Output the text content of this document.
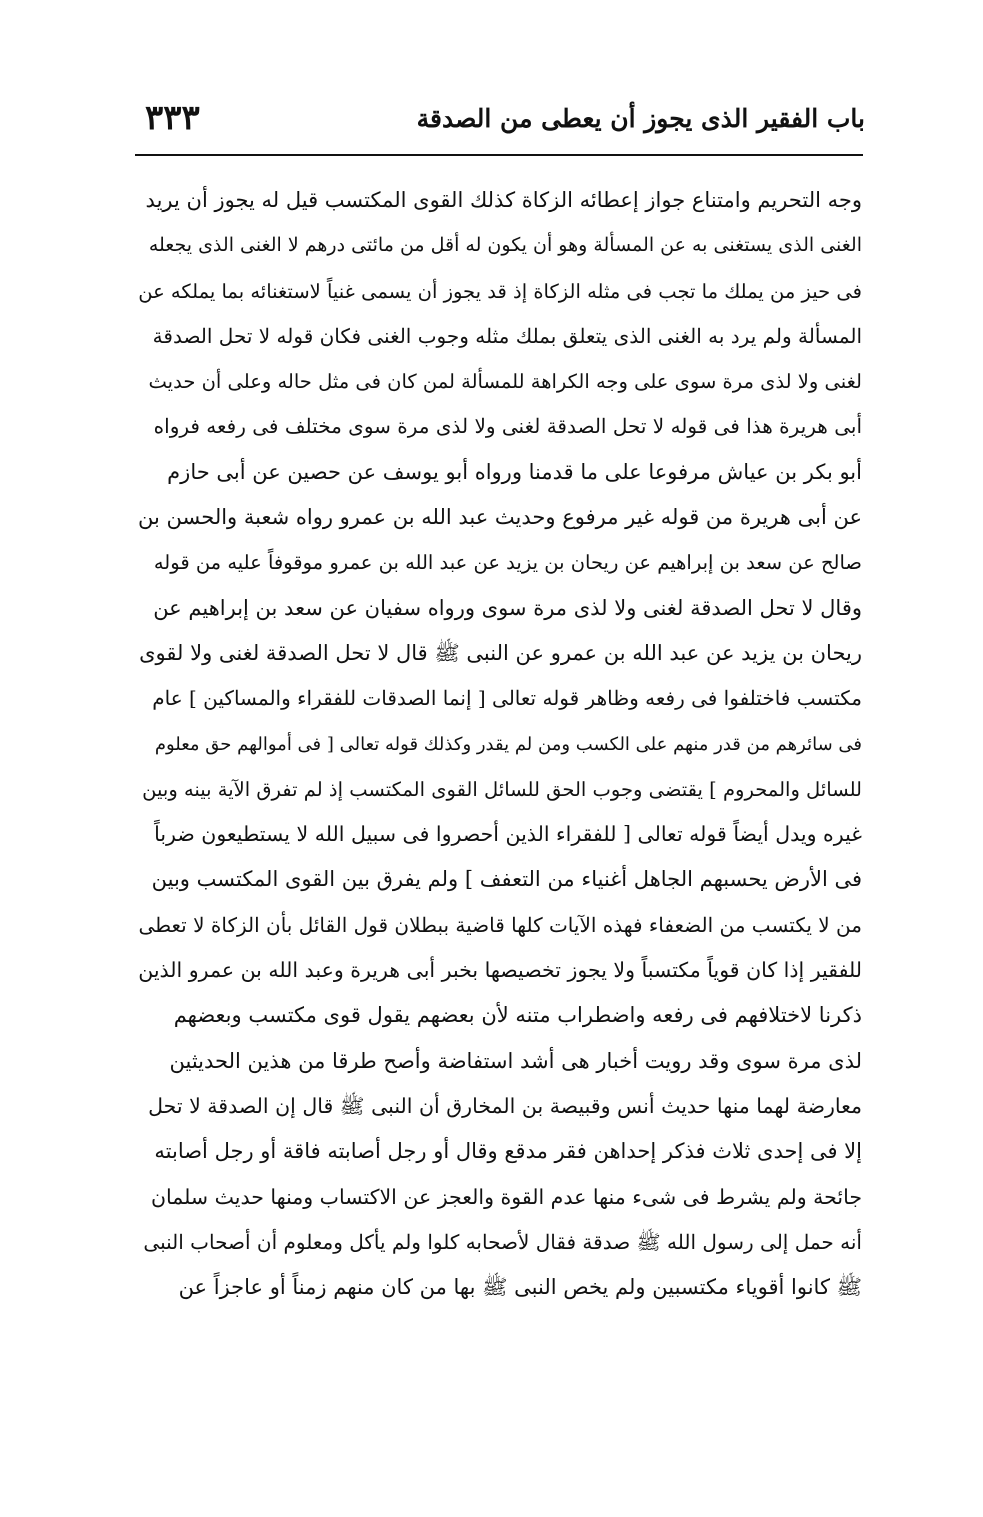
باب الفقير الذى يجوز أن يعطى من الصدقة
٣٣٣
وجه التحريم وامتناع جواز إعطائه الزكاة كذلك القوى المكتسب قيل له يجوز أن يريد
الغنى الذى يستغنى به عن المسألة وهو أن يكون له أقل من مائتى درهم لا الغنى الذى يجعله
فى حيز من يملك ما تجب فى مثله الزكاة إذ قد يجوز أن يسمى غنياً لاستغنائه بما يملكه عن
المسألة ولم يرد به الغنى الذى يتعلق بملك مثله وجوب الغنى فكان قوله لا تحل الصدقة
لغنى ولا لذى مرة سوى على وجه الكراهة للمسألة لمن كان فى مثل حاله وعلى أن حديث
أبى هريرة هذا فى قوله لا تحل الصدقة لغنى ولا لذى مرة سوى مختلف فى رفعه فرواه
أبو بكر بن عياش مرفوعا على ما قدمنا ورواه أبو يوسف عن حصين عن أبى حازم
عن أبى هريرة من قوله غير مرفوع وحديث عبد الله بن عمرو رواه شعبة والحسن بن
صالح عن سعد بن إبراهيم عن ريحان بن يزيد عن عبد الله بن عمرو موقوفاً عليه من قوله
وقال لا تحل الصدقة لغنى ولا لذى مرة سوى ورواه سفيان عن سعد بن إبراهيم عن
ريحان بن يزيد عن عبد الله بن عمرو عن النبى ﷺ قال لا تحل الصدقة لغنى ولا لقوى
مكتسب فاختلفوا فى رفعه وظاهر قوله تعالى [ إنما الصدقات للفقراء والمساكين ] عام
فى سائرهم من قدر منهم على الكسب ومن لم يقدر وكذلك قوله تعالى [ فى أموالهم حق معلوم
للسائل والمحروم ] يقتضى وجوب الحق للسائل القوى المكتسب إذ لم تفرق الآية بينه وبين
غيره ويدل أيضاً قوله تعالى [ للفقراء الذين أحصروا فى سبيل الله لا يستطيعون ضرباً
فى الأرض يحسبهم الجاهل أغنياء من التعفف ] ولم يفرق بين القوى المكتسب وبين
من لا يكتسب من الضعفاء فهذه الآيات كلها قاضية ببطلان قول القائل بأن الزكاة لا تعطى
للفقير إذا كان قوياً مكتسباً ولا يجوز تخصيصها بخبر أبى هريرة وعبد الله بن عمرو الذين
ذكرنا لاختلافهم فى رفعه واضطراب متنه لأن بعضهم يقول قوى مكتسب وبعضهم
لذى مرة سوى وقد رويت أخبار هى أشد استفاضة وأصح طرقا من هذين الحديثين
معارضة لهما منها حديث أنس وقبيصة بن المخارق أن النبى ﷺ قال إن الصدقة لا تحل
إلا فى إحدى ثلاث فذكر إحداهن فقر مدقع وقال أو رجل أصابته فاقة أو رجل أصابته
جائحة ولم يشرط فى شىء منها عدم القوة والعجز عن الاكتساب ومنها حديث سلمان
أنه حمل إلى رسول الله ﷺ صدقة فقال لأصحابه كلوا ولم يأكل ومعلوم أن أصحاب النبى
ﷺ كانوا أقوياء مكتسبين ولم يخص النبى ﷺ بها من كان منهم زمناً أو عاجزاً عن
